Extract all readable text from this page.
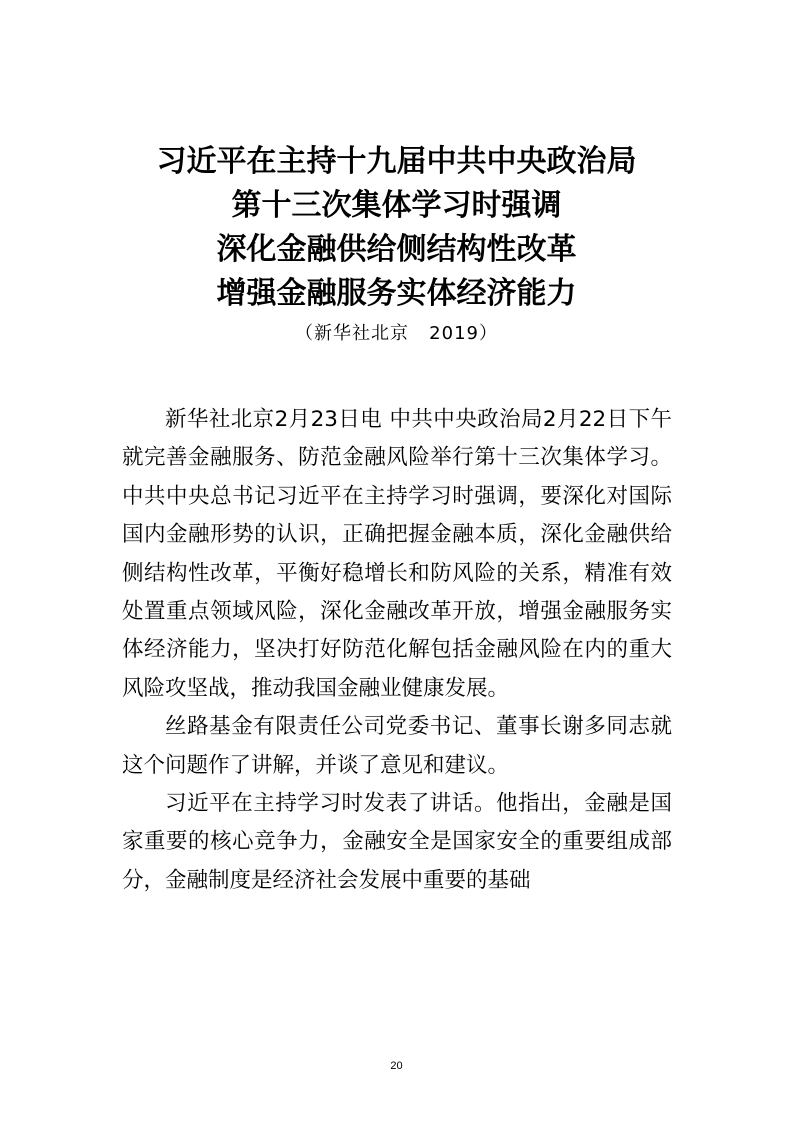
习近平在主持十九届中共中央政治局
第十三次集体学习时强调
深化金融供给侧结构性改革
增强金融服务实体经济能力
（新华社北京   2019）

新华社北京2月23日电 中共中央政治局2月22日下午就完善金融服务、防范金融风险举行第十三次集体学习。中共中央总书记习近平在主持学习时强调，要深化对国际国内金融形势的认识，正确把握金融本质，深化金融供给侧结构性改革，平衡好稳增长和防风险的关系，精准有效处置重点领域风险，深化金融改革开放，增强金融服务实体经济能力，坚决打好防范化解包括金融风险在内的重大风险攻坚战，推动我国金融业健康发展。

丝路基金有限责任公司党委书记、董事长谢多同志就这个问题作了讲解，并谈了意见和建议。

习近平在主持学习时发表了讲话。他指出，金融是国家重要的核心竞争力，金融安全是国家安全的重要组成部分，金融制度是经济社会发展中重要的基础

20
